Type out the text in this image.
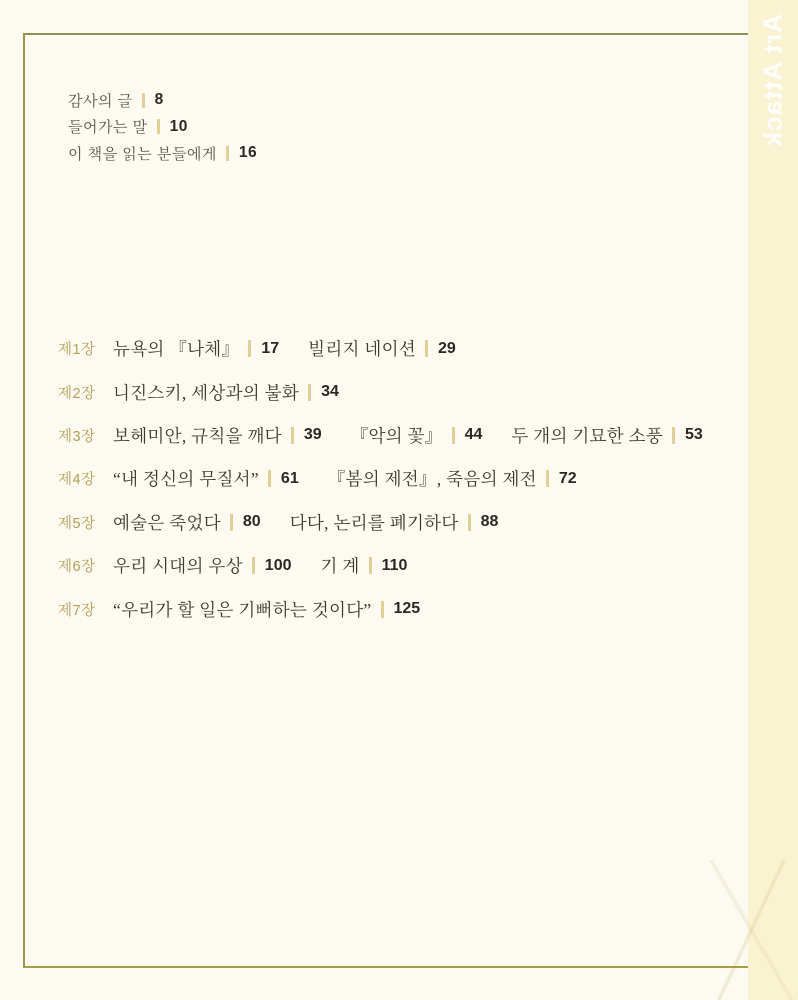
Art Attack
감사의 글 8
들어가는 말 10
이 책을 읽는 분들에게 16
제1장 뉴욕의 『나체』 17 빌리지 네이션 29
제2장 니진스키, 세상과의 불화 34
제3장 보헤미안, 규칙을 깨다 39 『악의 꽃』 44 두 개의 기묘한 소풍 53
제4장 “내 정신의 무질서” 61 『봄의 제전』, 죽음의 제전 72
제5장 예술은 죽었다 80 다다, 논리를 폐기하다 88
제6장 우리 시대의 우상 100 기 계 110
제7장 “우리가 할 일은 기뻐하는 것이다” 125
